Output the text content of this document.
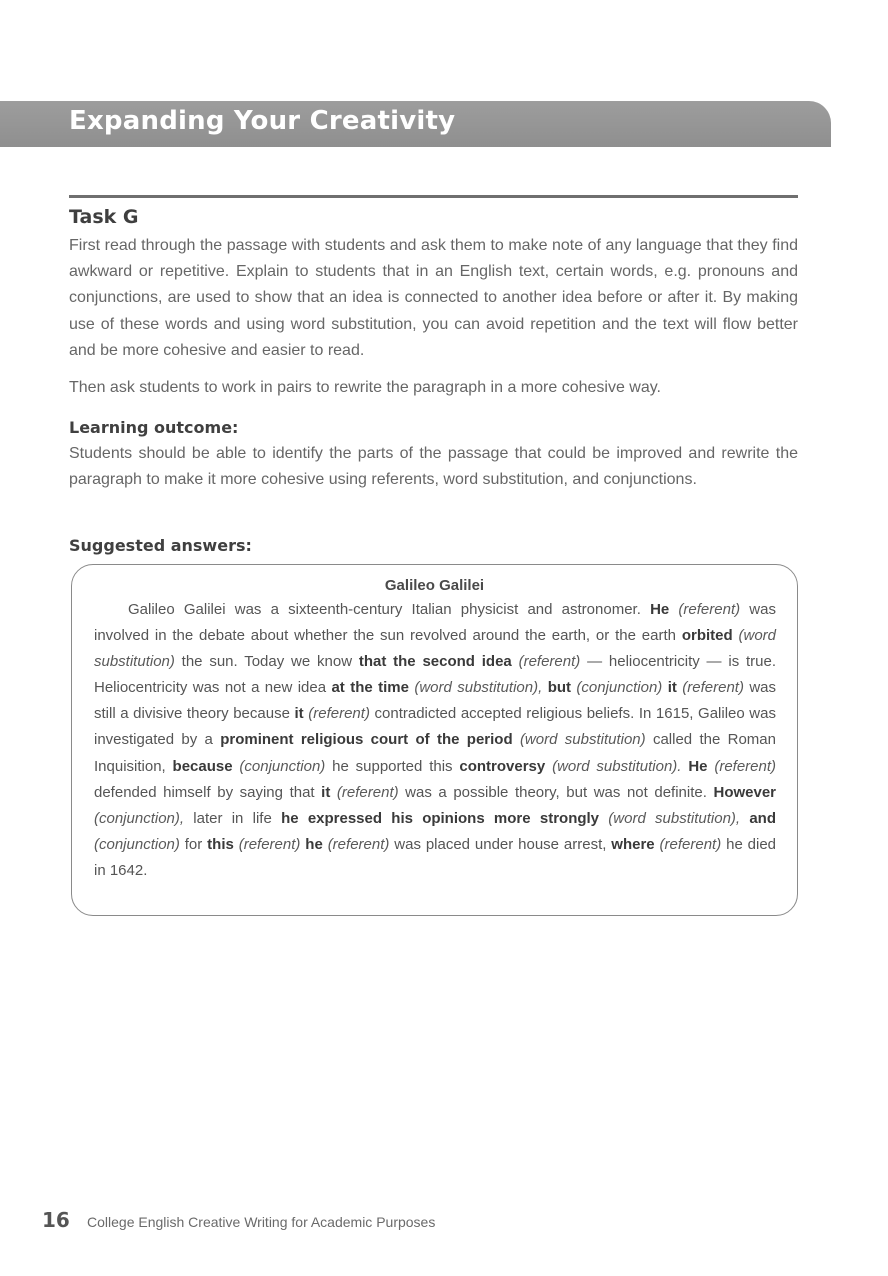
Expanding Your Creativity
Task G

First read through the passage with students and ask them to make note of any language that they find awkward or repetitive. Explain to students that in an English text, certain words, e.g. pronouns and conjunctions, are used to show that an idea is connected to another idea before or after it. By making use of these words and using word substitution, you can avoid repetition and the text will flow better and be more cohesive and easier to read.

Then ask students to work in pairs to rewrite the paragraph in a more cohesive way.

Learning outcome:

Students should be able to identify the parts of the passage that could be improved and rewrite the paragraph to make it more cohesive using referents, word substitution, and conjunctions.

Suggested answers:
Galileo Galilei

Galileo Galilei was a sixteenth-century Italian physicist and astronomer. He (referent) was involved in the debate about whether the sun revolved around the earth, or the earth orbited (word substitution) the sun. Today we know that the second idea (referent) — heliocentricity — is true. Heliocentricity was not a new idea at the time (word substitution), but (conjunction) it (referent) was still a divisive theory because it (referent) contradicted accepted religious beliefs. In 1615, Galileo was investigated by a prominent religious court of the period (word substitution) called the Roman Inquisition, because (conjunction) he supported this controversy (word substitution). He (referent) defended himself by saying that it (referent) was a possible theory, but was not definite. However (conjunction), later in life he expressed his opinions more strongly (word substitution), and (conjunction) for this (referent) he (referent) was placed under house arrest, where (referent) he died in 1642.

16 College English Creative Writing for Academic Purposes
